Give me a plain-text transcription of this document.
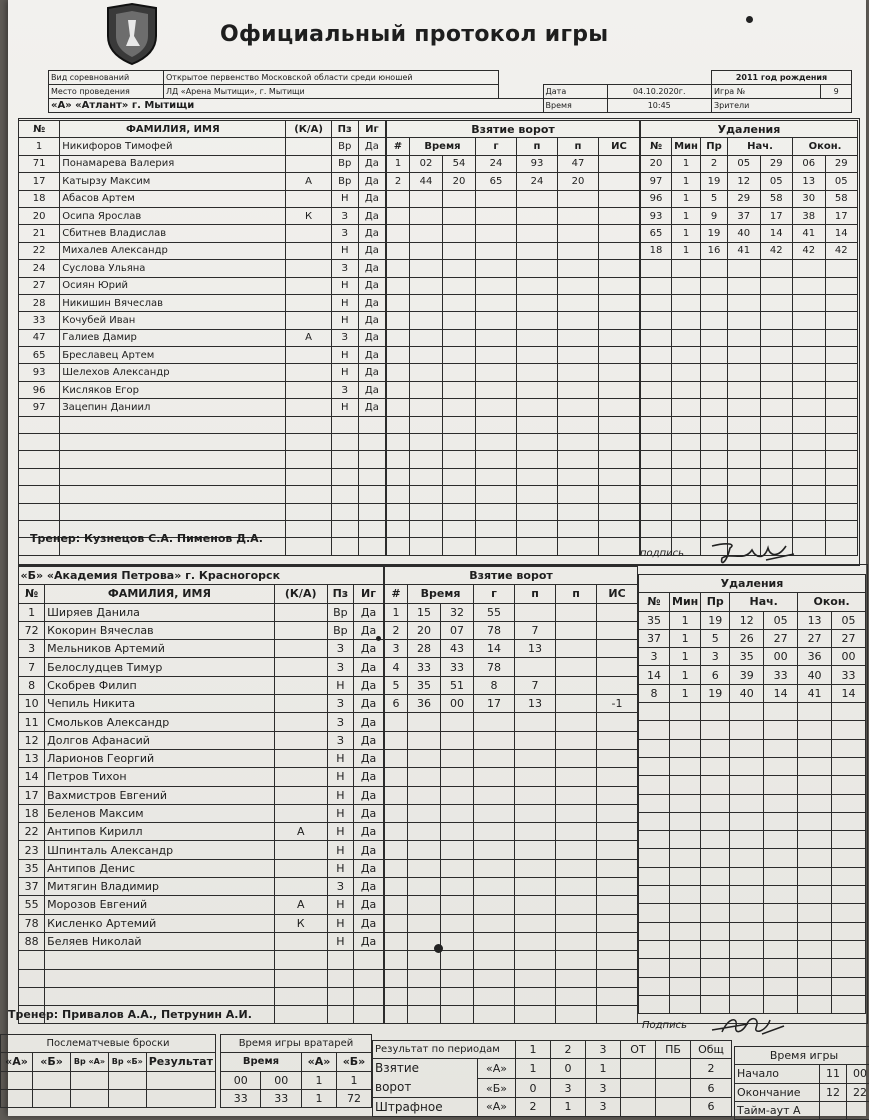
Официальный протокол игры
Вид соревнований	Открытое первенство Московской области среди юношей				2011 год рождения	
Место проведения	ЛД «Арена Мытищи», г. Мытищи		Дата	04.10.2020г.	Игра №	9
«А» «Атлант» г. Мытищи			Время	10:45	Зрители	
№	ФАМИЛИЯ, ИМЯ	(К/А)	Пз	Иг
1	Никифоров Тимофей		Вр	Да
71	Понамарева Валерия		Вр	Да
17	Катырзу Максим	А	Вр	Да
18	Абасов Артем		Н	Да
20	Осипа Ярослав	К	З	Да
21	Сбитнев Владислав		З	Да
22	Михалев Александр		Н	Да
24	Суслова Ульяна		З	Да
27	Осиян Юрий		Н	Да
28	Никишин Вячеслав		Н	Да
33	Кочубей Иван		Н	Да
47	Галиев Дамир	А	З	Да
65	Бреславец Артем		Н	Да
93	Шелехов Александр		Н	Да
96	Кисляков Егор		З	Да
97	Зацепин Даниил		Н	Да

Взятие ворот						
#	Время		г	п	п	ИС
1	02	54	24	93	47	
2	44	20	65	24	20	

Удаления						
№	Мин	Пр	Нач.		Окон.	
20	1	2	05	29	06	29
97	1	19	12	05	13	05
96	1	5	29	58	30	58
93	1	9	37	17	38	17
65	1	19	40	14	41	14
18	1	16	41	42	42	42

Тренер: Кузнецов С.А. Пименов Д.А.
подпись
«Б» «Академия Петрова» г. Красногорск				
№	ФАМИЛИЯ, ИМЯ	(К/А)	Пз	Иг
1	Ширяев Данила		Вр	Да
72	Кокорин Вячеслав		Вр	Да
3	Мельников Артемий		З	Да
7	Белослудцев Тимур		З	Да
8	Скобрев Филип		Н	Да
10	Чепиль Никита		З	Да
11	Смольков Александр		З	Да
12	Долгов Афанасий		З	Да
13	Ларионов Георгий		Н	Да
14	Петров Тихон		Н	Да
17	Вахмистров Евгений		Н	Да
18	Беленов Максим		Н	Да
22	Антипов Кирилл	А	Н	Да
23	Шпинталь Александр		Н	Да
35	Антипов Денис		Н	Да
37	Митягин Владимир		З	Да
55	Морозов Евгений	А	Н	Да
78	Кисленко Артемий	К	Н	Да
88	Беляев Николай		Н	Да

Взятие ворот						
#	Время		г	п	п	ИС
1	15	32	55			
2	20	07	78	7		
3	28	43	14	13		
4	33	33	78			
5	35	51	8	7		
6	36	00	17	13		-1

Удаления						
№	Мин	Пр	Нач.		Окон.	
35	1	19	12	05	13	05
37	1	5	26	27	27	27
3	1	3	35	00	36	00
14	1	6	39	33	40	33
8	1	19	40	14	41	14

Тренер: Привалов А.А., Петрунин А.И.
Подпись
Послематчевые броски				
«А»	«Б»	Вр «А»	Вр «Б»	Результат

Время игры вратарей			
Время		«А»	«Б»
00	00	1	1
33	33	1	72
Результат по периодам		1	2	3	ОТ	ПБ	Общ
Взятие
ворот	«А»	1	0	1			2
	«Б»	0	3	3			6
Штрафное	«А»	2	1	3			6
Время игры		
Начало	11	00
Окончание	12	22
Тайм-аут А		
